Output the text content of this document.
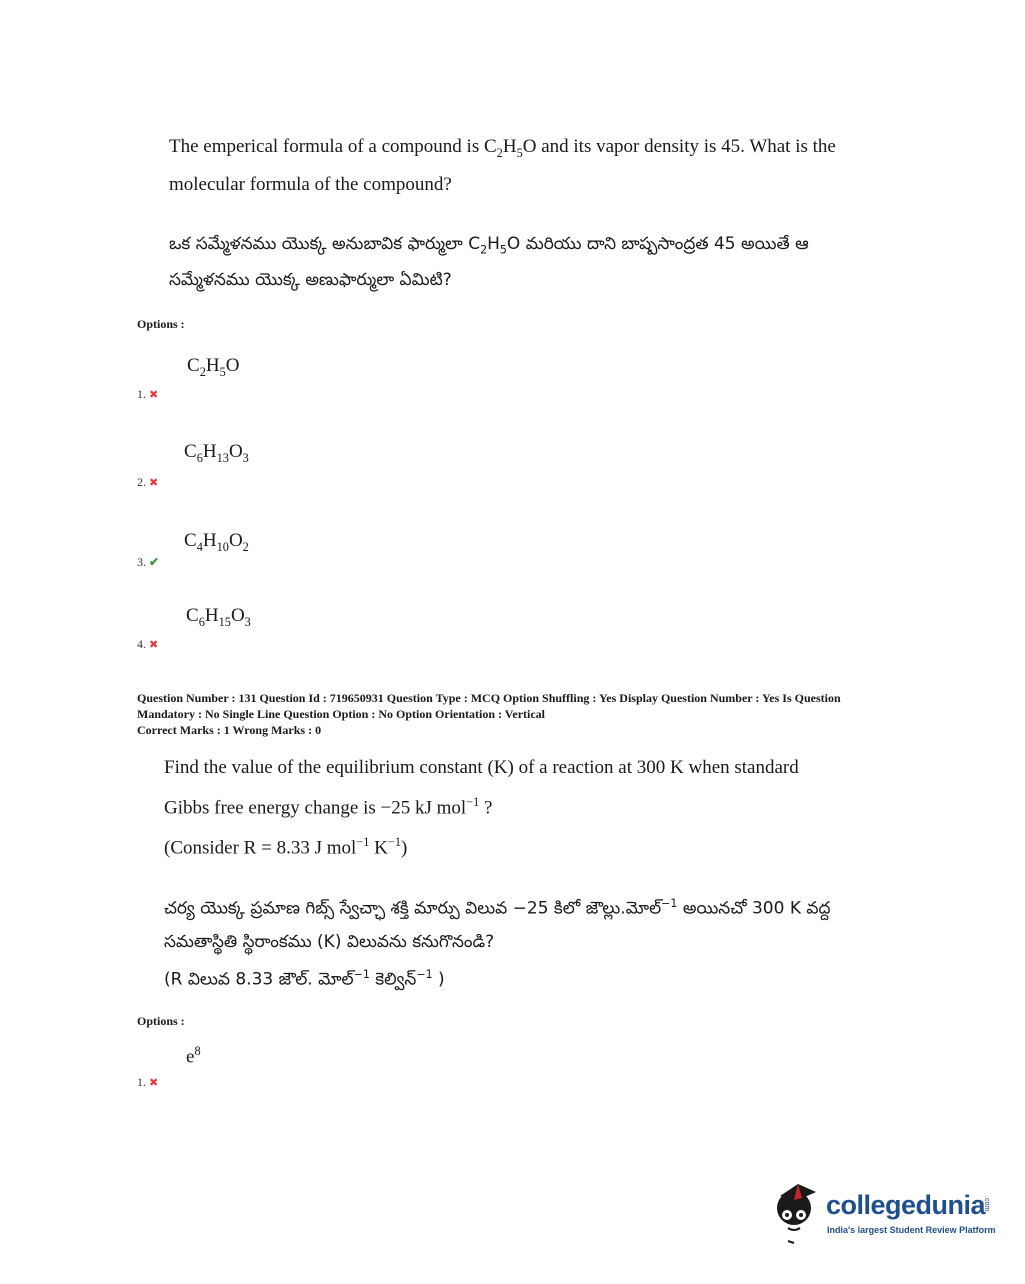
The emperical formula of a compound is $C_2H_5O$ and its vapor density is 45. What is the
molecular formula of the compound?
ఒక సమ్మేళనము యొక్క అనుబావిక ఫార్ములా $C_2H_5O$ మరియు దాని బాష్పసాంద్రత 45 అయితే ఆ
సమ్మేళనము యొక్క అణుఫార్ములా ఏమిటి?
Options :
$C_2H_5O$
1. ✖
$C_6H_{13}O_3$
2. ✖
$C_4H_{10}O_2$
3. ✔
$C_6H_{15}O_3$
4. ✖
Question Number : 131 Question Id : 719650931 Question Type : MCQ Option Shuffling : Yes Display Question Number : Yes Is Question
Mandatory : No Single Line Question Option : No Option Orientation : Vertical
Correct Marks : 1 Wrong Marks : 0
Find the value of the equilibrium constant (K) of a reaction at 300 K when standard
Gibbs free energy change is −25 kJ mol$^{-1}$ ?
(Consider R = 8.33 J mol$^{-1}$ $K^{-1}$)
చర్య యొక్క ప్రమాణ గిబ్స్ స్వేచ్ఛా శక్తి మార్పు విలువ −25 కిలో జౌల్లు.మోల్$^{-1}$ అయినచో 300 K వద్ద
సమతాస్థితి స్థిరాంకము (K) విలువను కనుగొనండి?
(R విలువ 8.33 జౌల్. మోల్$^{-1}$ కెల్విన్$^{-1}$ )
Options :
$e^8$
1. ✖
collegedunia
.com
India's largest Student Review Platform
